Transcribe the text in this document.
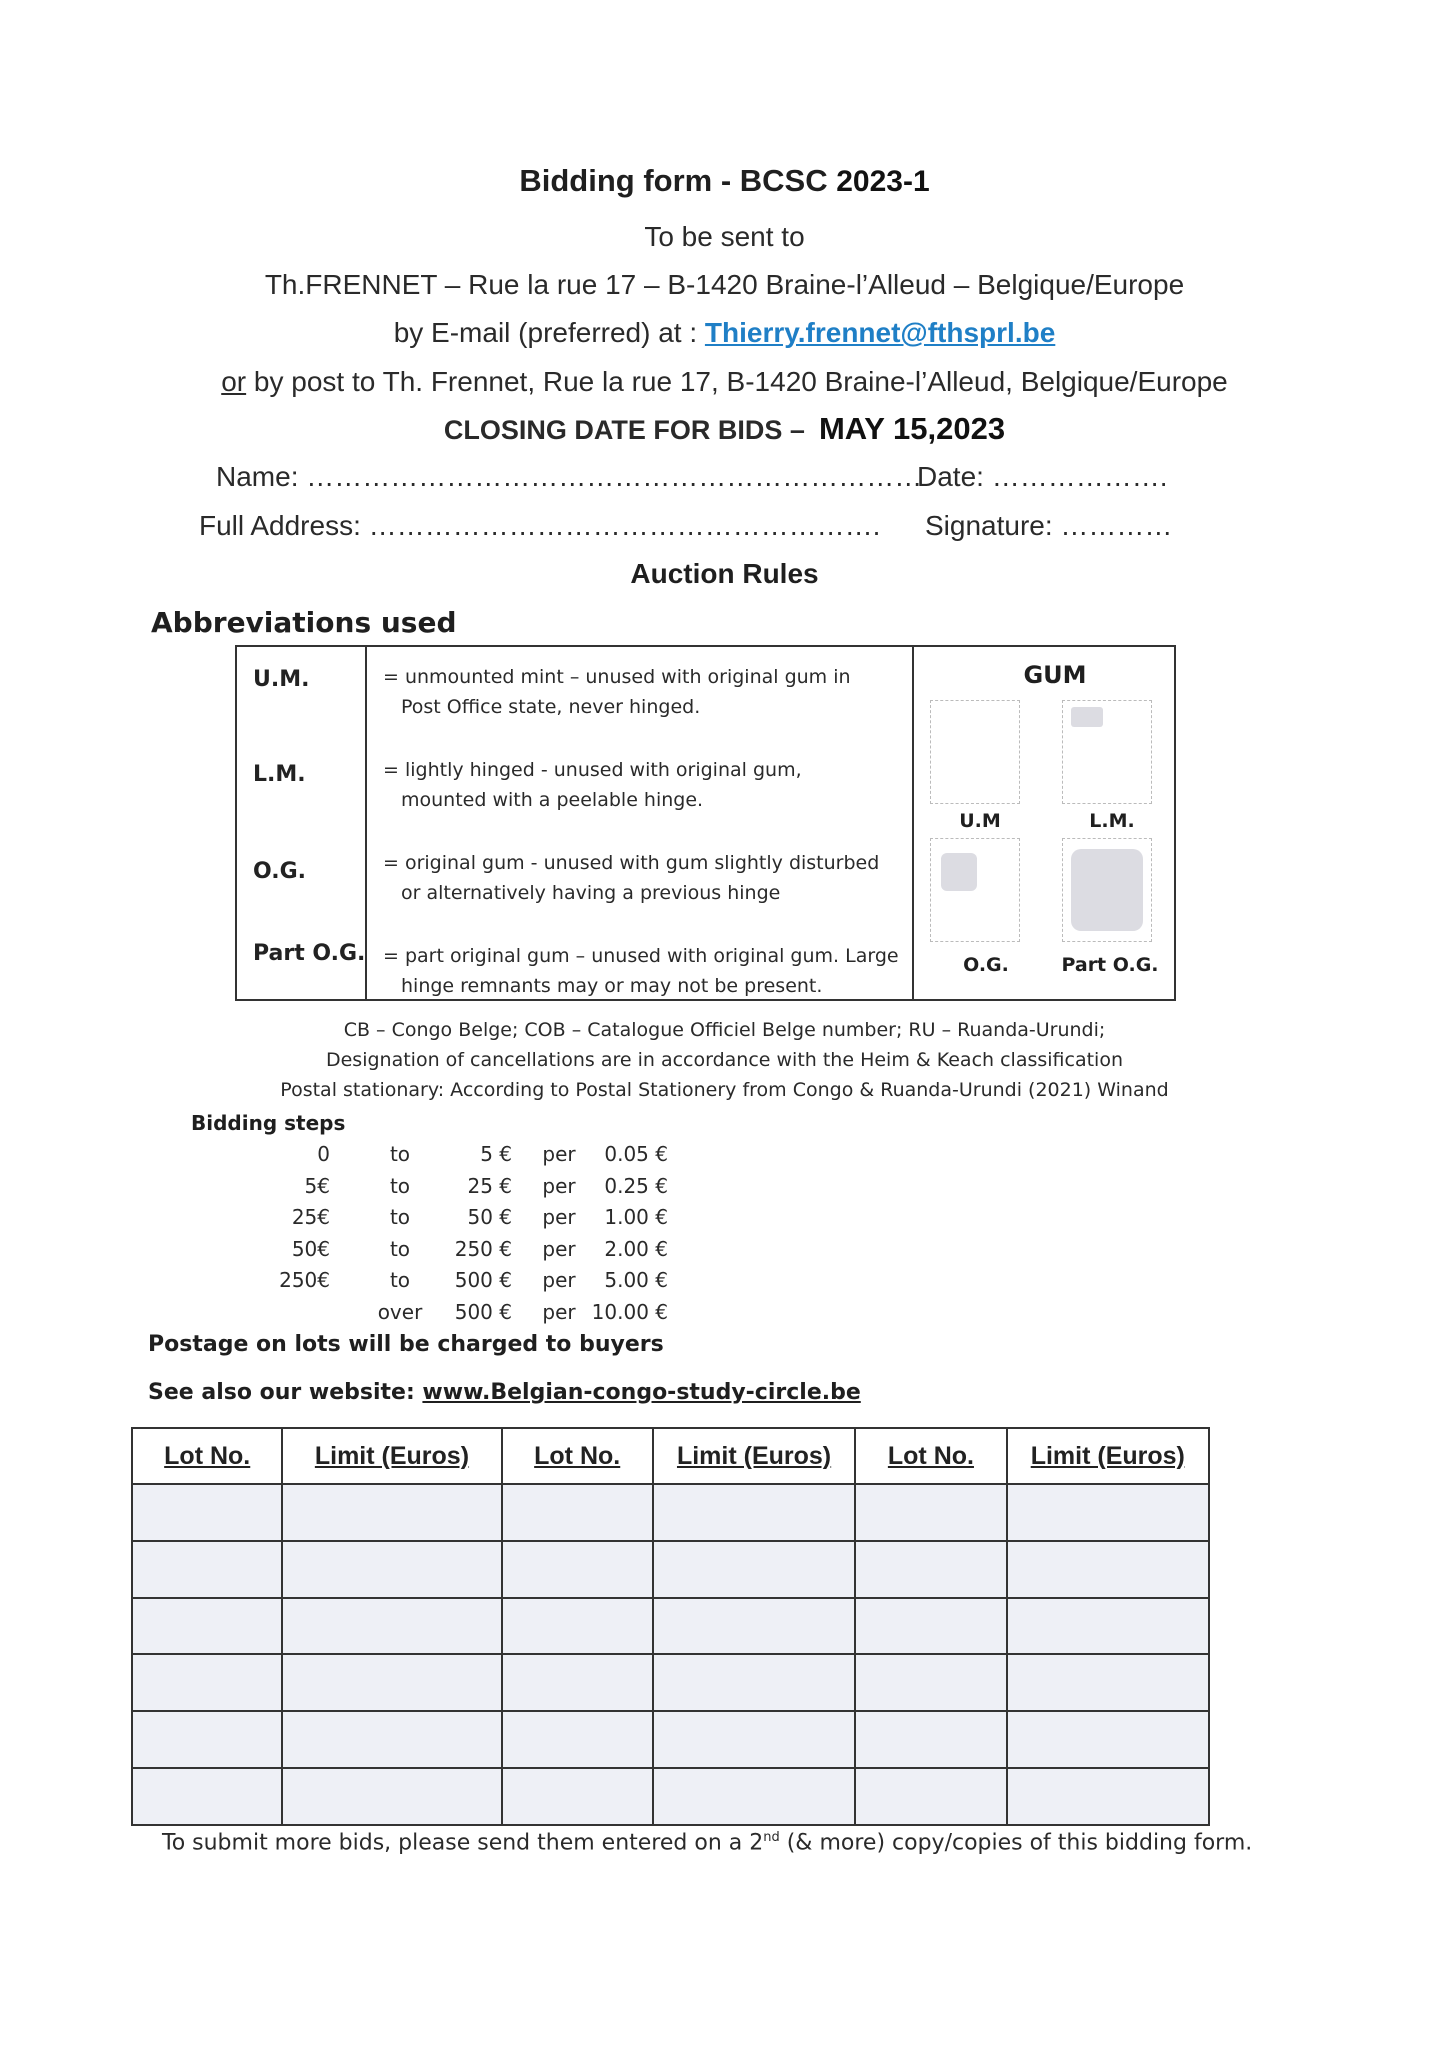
Bidding form - BCSC 2023-1
To be sent to
Th.FRENNET – Rue la rue 17 – B-1420 Braine-l’Alleud – Belgique/Europe
by E-mail (preferred) at : Thierry.frennet@fthsprl.be
or by post to Th. Frennet, Rue la rue 17, B-1420 Braine-l’Alleud, Belgique/Europe
CLOSING DATE FOR BIDS – MAY 15,2023
Name: …………………………………………………………
Date: ……………….
Full Address: ………………………………………………. Signature: …………
Auction Rules
Abbreviations used
U.M.	= unmounted mint – unused with original gum in
Post Office state, never hinged.
L.M.	= lightly hinged - unused with original gum,
mounted with a peelable hinge.
O.G.	= original gum - unused with gum slightly disturbed
or alternatively having a previous hinge
Part O.G. = part original gum – unused with original gum. Large
hinge remnants may or may not be present.
GUM
U.M	L.M.
O.G.	Part O.G.
CB – Congo Belge; COB – Catalogue Officiel Belge number; RU – Ruanda-Urundi;
Designation of cancellations are in accordance with the Heim & Keach classification
Postal stationary: According to Postal Stationery from Congo & Ruanda-Urundi (2021) Winand
Bidding steps
0	to	5 €	per	0.05 €
5€	to	25 €	per	0.25 €
25€	to	50 €	per	1.00 €
50€	to	250 €	per	2.00 €
250€	to	500 €	per	5.00 €
over	500 €	per 10.00 €
Postage on lots will be charged to buyers
See also our website: www.Belgian-congo-study-circle.be
Lot No.	Limit (Euros)	Lot No.	Limit (Euros)	Lot No.	Limit (Euros)

To submit more bids, please send them entered on a 2nd (& more) copy/copies of this bidding form.
